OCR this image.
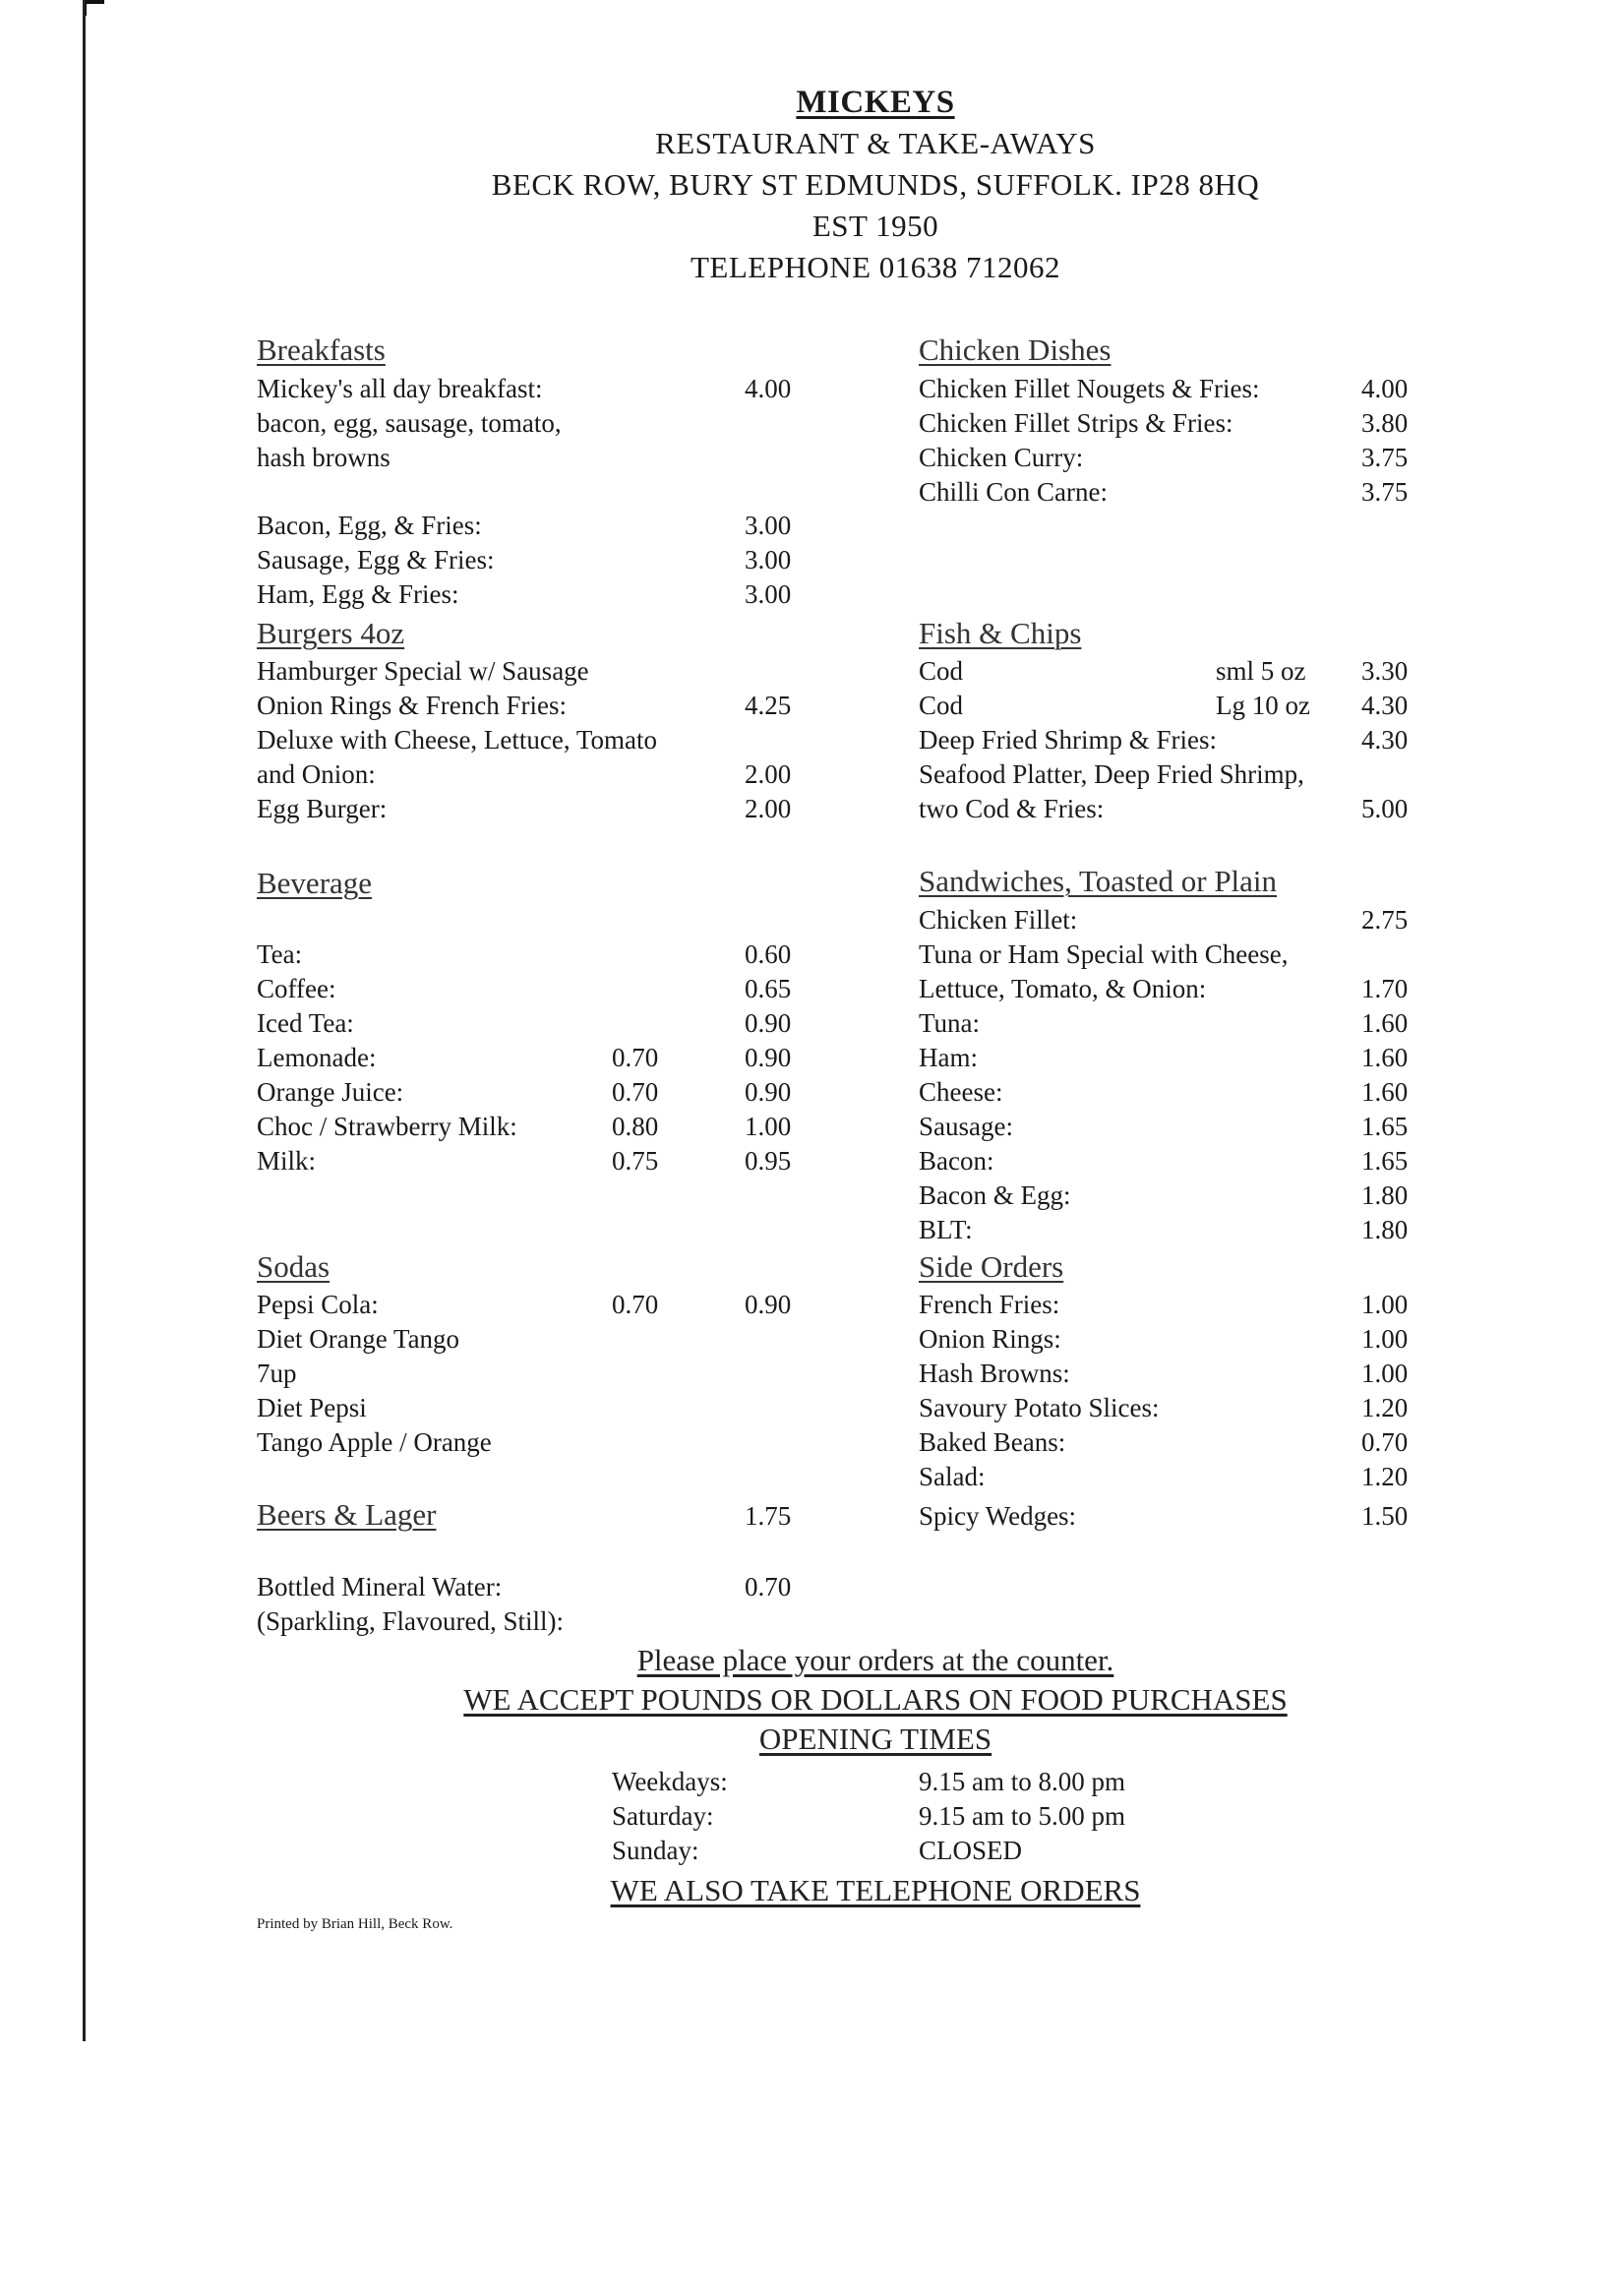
MICKEYS
RESTAURANT & TAKE-AWAYS
BECK ROW, BURY ST EDMUNDS, SUFFOLK. IP28 8HQ
EST 1950
TELEPHONE 01638 712062
Breakfasts
Mickey's all day breakfast:	4.00
bacon, egg, sausage, tomato,
hash browns
Bacon, Egg, & Fries:	3.00
Sausage, Egg & Fries:	3.00
Ham, Egg & Fries:	3.00
Burgers 4oz
Hamburger Special w/ Sausage
Onion Rings & French Fries:	4.25
Deluxe with Cheese, Lettuce, Tomato
and Onion:	2.00
Egg Burger:	2.00
Beverage
Tea:	0.60
Coffee:	0.65
Iced Tea:	0.90
Lemonade:	0.70	0.90
Orange Juice:	0.70	0.90
Choc / Strawberry Milk:	0.80	1.00
Milk:	0.75	0.95
Sodas
Pepsi Cola:	0.70	0.90
Diet Orange Tango
7up
Diet Pepsi
Tango Apple / Orange
Beers & Lager	1.75
Bottled Mineral Water:	0.70
(Sparkling, Flavoured, Still):
Chicken Dishes
Chicken Fillet Nougets & Fries:	4.00
Chicken Fillet Strips & Fries:	3.80
Chicken Curry:	3.75
Chilli Con Carne:	3.75
Fish & Chips
Cod	sml 5 oz 3.30
Cod	Lg 10 oz 4.30
Deep Fried Shrimp & Fries:	4.30
Seafood Platter, Deep Fried Shrimp,
two Cod & Fries:	5.00
Sandwiches, Toasted or Plain
Chicken Fillet:	2.75
Tuna or Ham Special with Cheese,
Lettuce, Tomato, & Onion:	1.70
Tuna:	1.60
Ham:	1.60
Cheese:	1.60
Sausage:	1.65
Bacon:	1.65
Bacon & Egg:	1.80
BLT:	1.80
Side Orders
French Fries:	1.00
Onion Rings:	1.00
Hash Browns:	1.00
Savoury Potato Slices:	1.20
Baked Beans:	0.70
Salad:	1.20
Spicy Wedges:	1.50
Please place your orders at the counter.
WE ACCEPT POUNDS OR DOLLARS ON FOOD PURCHASES
OPENING TIMES
Weekdays:	9.15 am to 8.00 pm
Saturday:	9.15 am to 5.00 pm
Sunday:	CLOSED
WE ALSO TAKE TELEPHONE ORDERS
Printed by Brian Hill, Beck Row.
